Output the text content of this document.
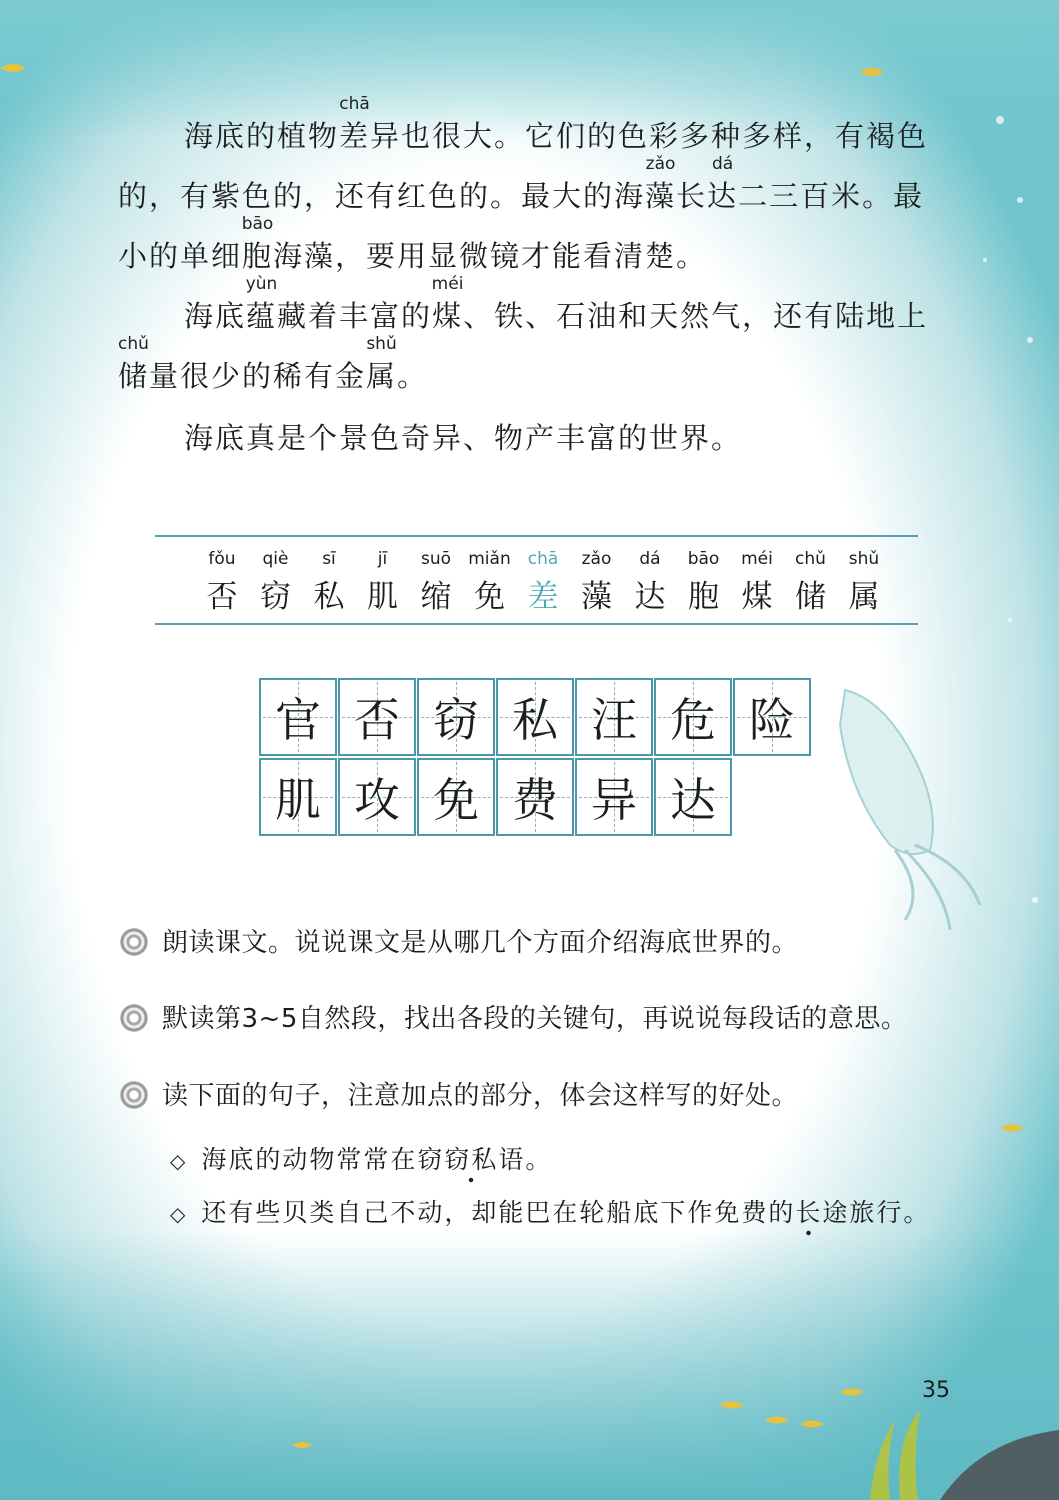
海底的植物
chā
差异也很大。它们的色彩多种多样，有褐色
的，有紫色的，还有红色的。最大的海
zǎo
藻长
dá
达二三百米。最
小的单细
bāo
胞海藻，要用显微镜才能看清楚。
海底
yùn
蕴藏着丰富的
méi
煤、铁、石油和天然气，还有陆地上
chǔ
储量很少的稀有金
shǔ
属。
海底真是个景色奇异、物产丰富的世界。
fǒu
否
qiè
窃
sī
私
jī
肌
suō
缩
miǎn
免
chā
差
zǎo
藻
dá
达
bāo
胞
méi
煤
chǔ
储
shǔ
属
官 否 窃 私 汪 危 险
肌 攻 免 费 异 达
朗读课文。说说课文是从哪几个方面介绍海底世界的。
默读第3~5自然段，找出各段的关键句，再说说每段话的意思。
读下面的句子，注意加点的部分，体会这样写的好处。
◇ 海底的动物常常在窃窃私语。
◇ 还有些贝类自己不动，却能巴在轮船底下作免费的长途旅行。
35
